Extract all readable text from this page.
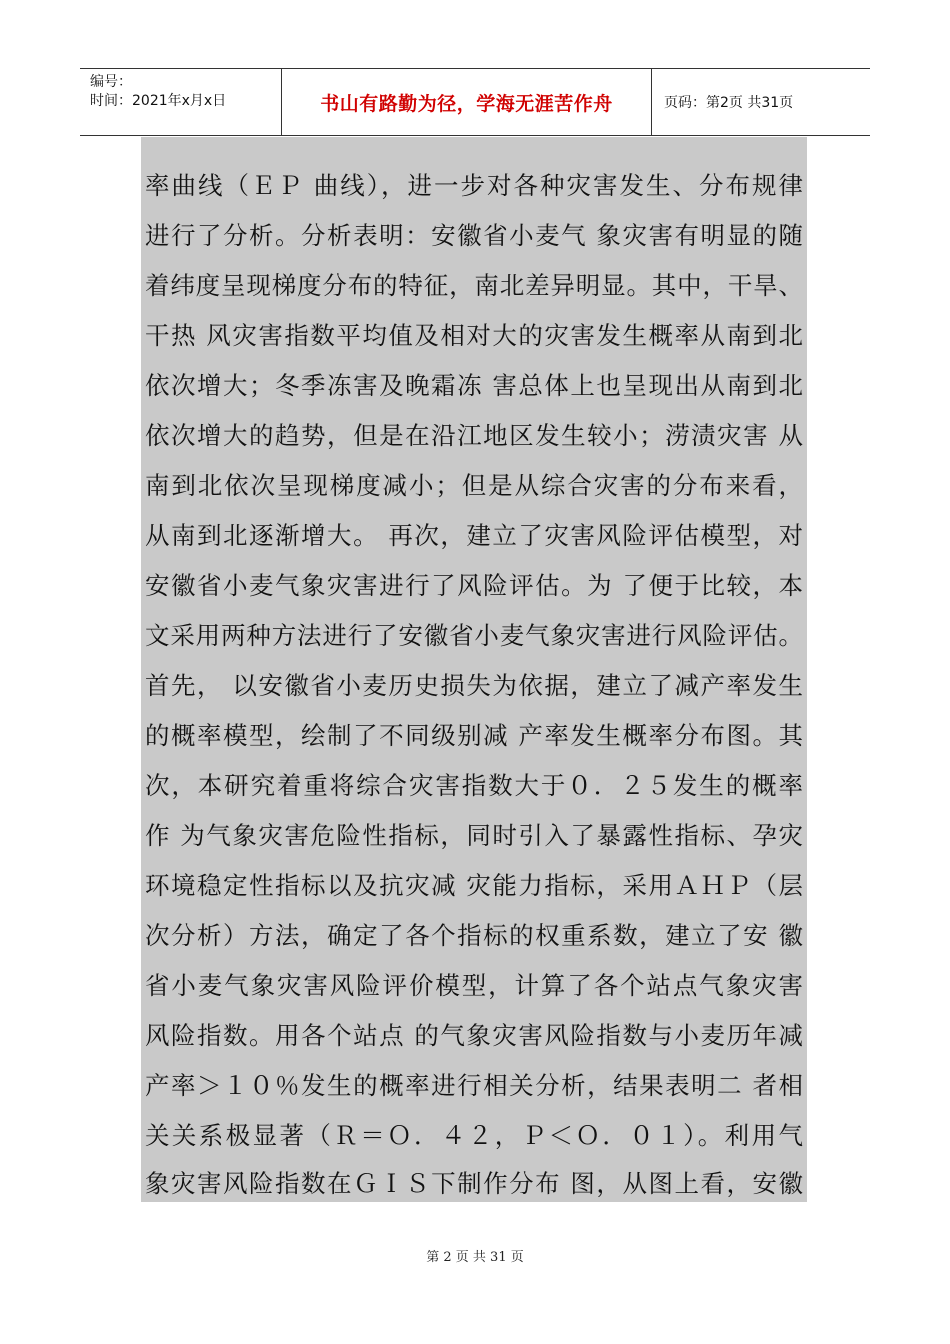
编号：
时间：2021年x月x日	书山有路勤为径，学海无涯苦作舟	页码：第2页 共31页
率曲线（ＥＰ 曲线），进一步对各种灾害发生、分布规律
进行了分析。分析表明：安徽省小麦气 象灾害有明显的随
着纬度呈现梯度分布的特征，南北差异明显。其中，干旱、
干热 风灾害指数平均值及相对大的灾害发生概率从南到北
依次增大；冬季冻害及晚霜冻 害总体上也呈现出从南到北
依次增大的趋势，但是在沿江地区发生较小；涝渍灾害 从
南到北依次呈现梯度减小；但是从综合灾害的分布来看，
从南到北逐渐增大。 再次，建立了灾害风险评估模型，对
安徽省小麦气象灾害进行了风险评估。为 了便于比较，本
文采用两种方法进行了安徽省小麦气象灾害进行风险评估。
首先， 以安徽省小麦历史损失为依据，建立了减产率发生
的概率模型，绘制了不同级别减 产率发生概率分布图。其
次，本研究着重将综合灾害指数大于０．２５发生的概率
作 为气象灾害危险性指标，同时引入了暴露性指标、孕灾
环境稳定性指标以及抗灾减 灾能力指标，采用ＡＨＰ（层
次分析）方法，确定了各个指标的权重系数，建立了安 徽
省小麦气象灾害风险评价模型，计算了各个站点气象灾害
风险指数。用各个站点 的气象灾害风险指数与小麦历年减
产率＞１０％发生的概率进行相关分析，结果表明二 者相
关关系极显著（Ｒ＝Ｏ．４２，Ｐ＜Ｏ．０１）。利用气
象灾害风险指数在ＧＩＳ下制作分布 图，从图上看，安徽
第 2 页 共 31 页
